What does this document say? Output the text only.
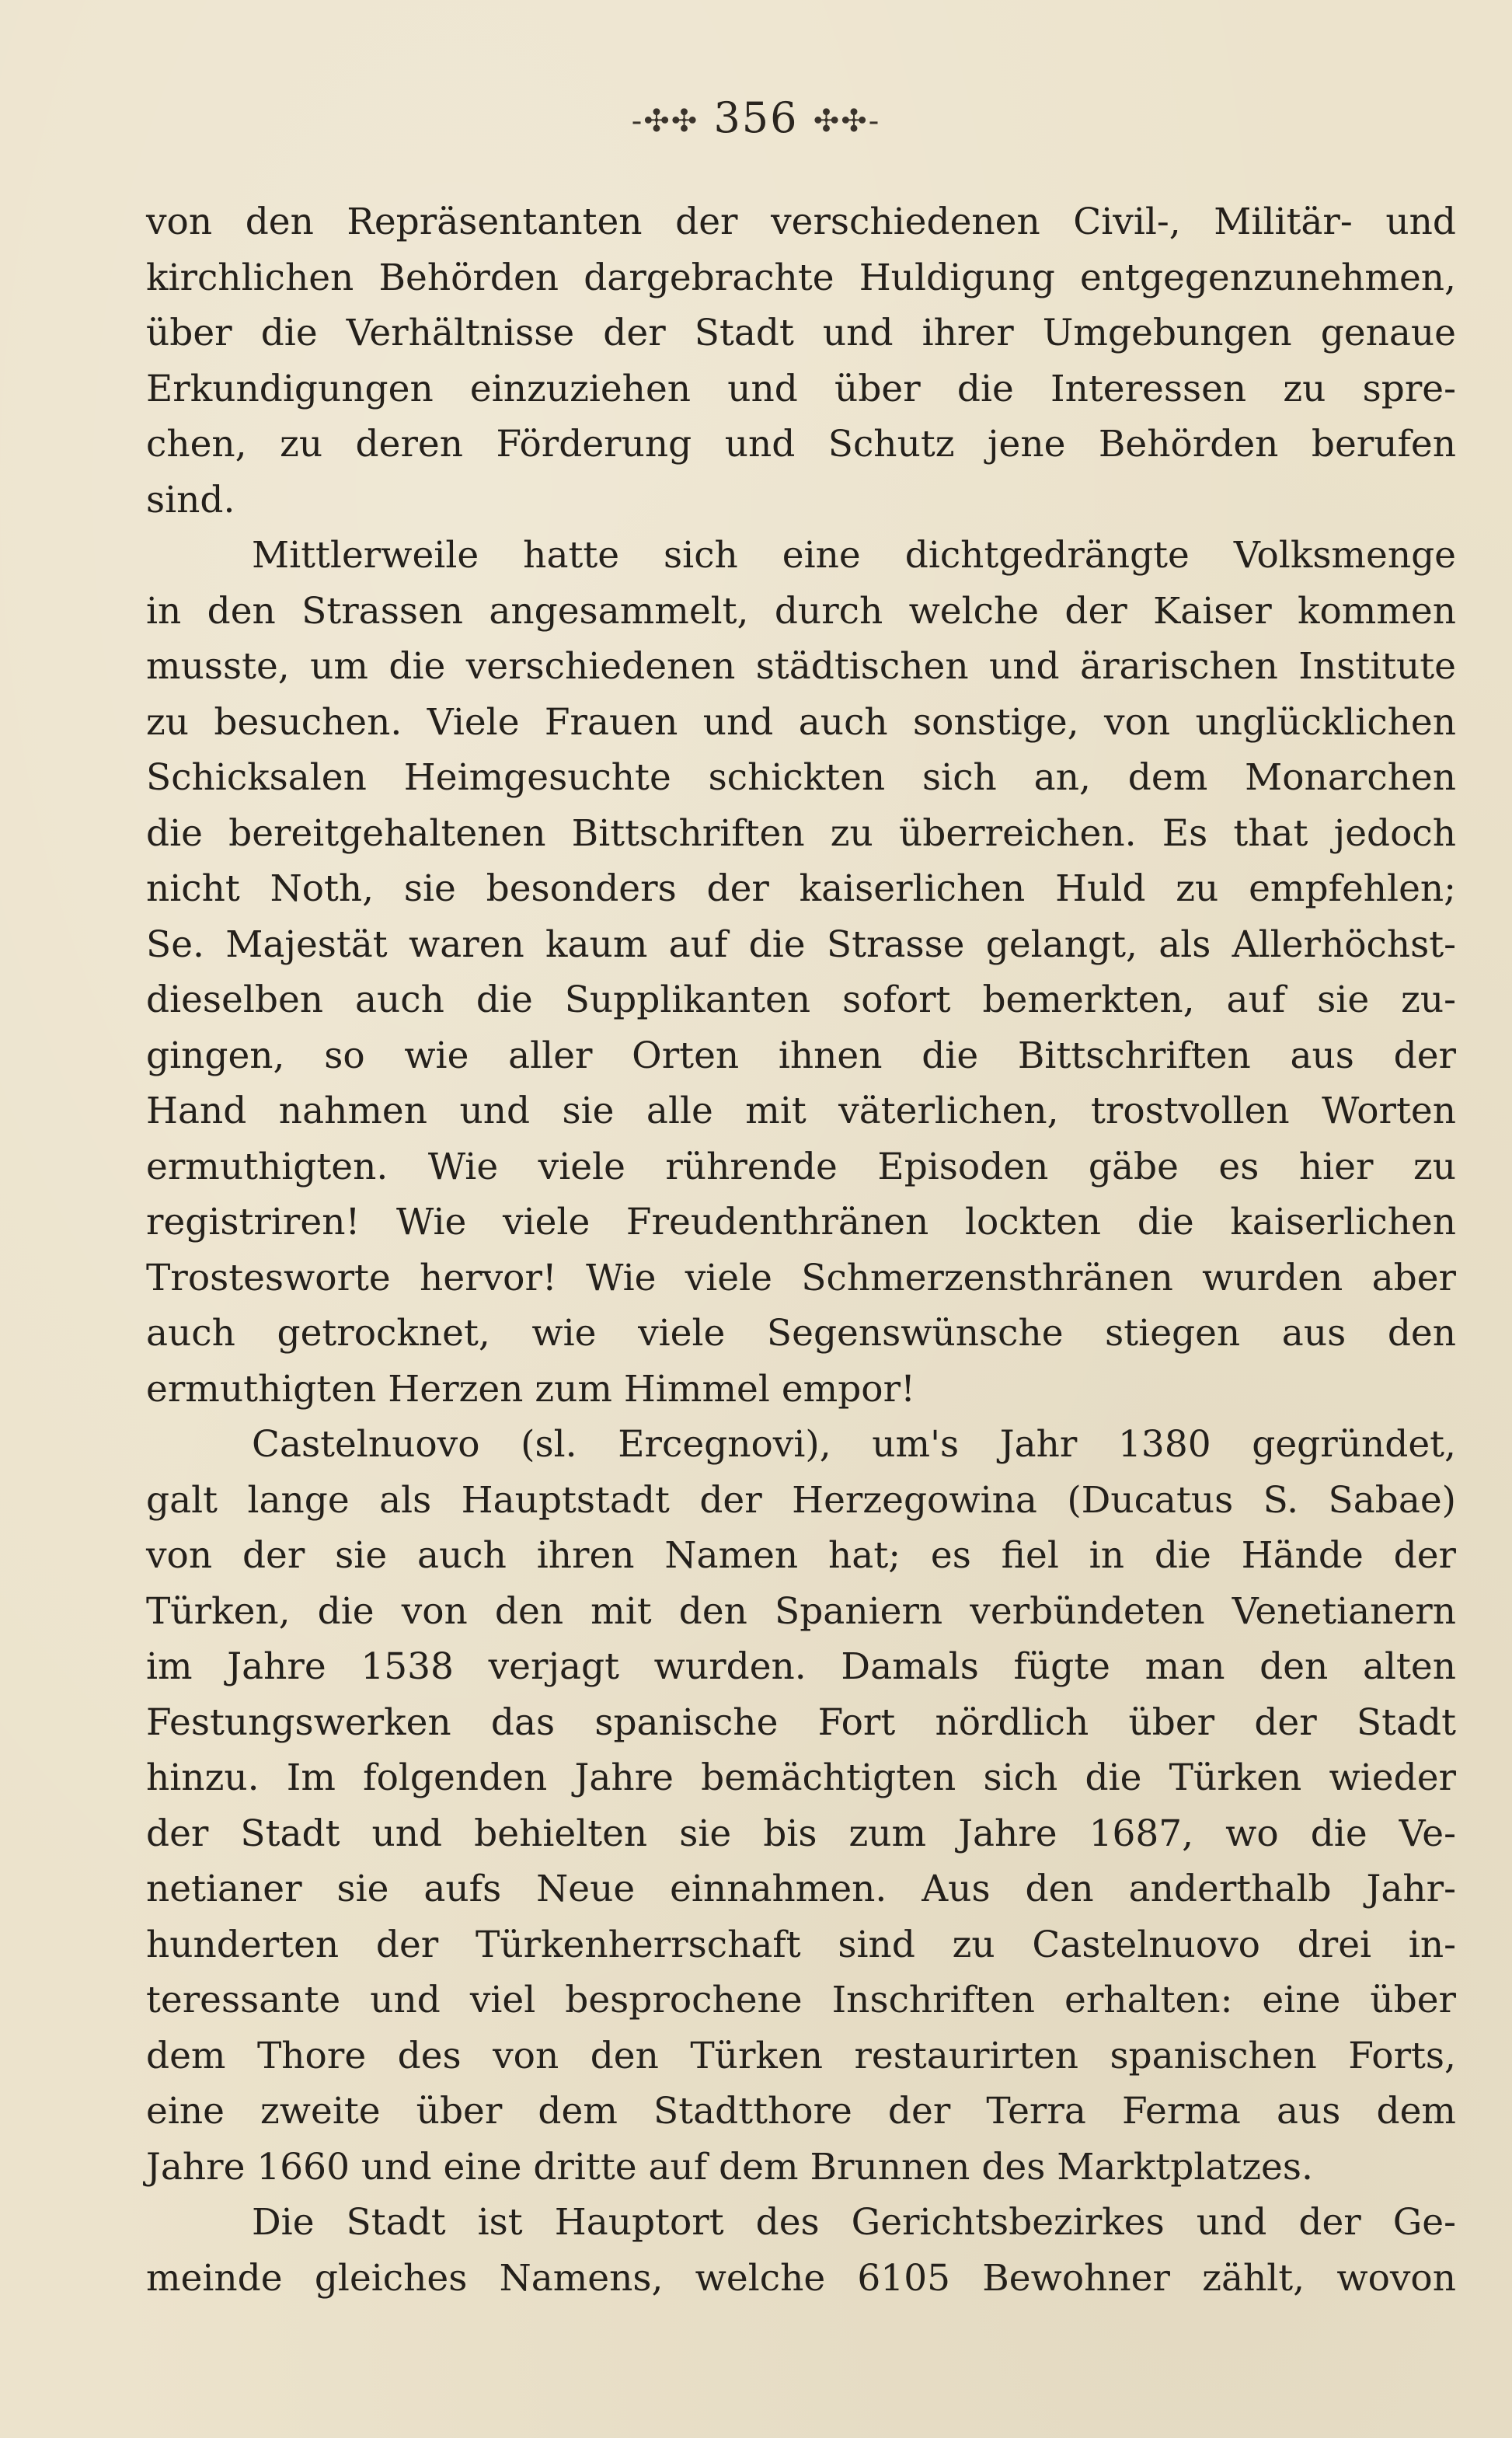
-✣✣ 356 ✣✣-
von den Repräsentanten der verschiedenen Civil-, Militär- und
kirchlichen Behörden dargebrachte Huldigung entgegenzunehmen,
über die Verhältnisse der Stadt und ihrer Umgebungen genaue
Erkundigungen einzuziehen und über die Interessen zu spre-
chen, zu deren Förderung und Schutz jene Behörden berufen
sind.
Mittlerweile hatte sich eine dichtgedrängte Volksmenge
in den Strassen angesammelt, durch welche der Kaiser kommen
musste, um die verschiedenen städtischen und ärarischen Institute
zu besuchen. Viele Frauen und auch sonstige, von unglücklichen
Schicksalen Heimgesuchte schickten sich an, dem Monarchen
die bereitgehaltenen Bittschriften zu überreichen. Es that jedoch
nicht Noth, sie besonders der kaiserlichen Huld zu empfehlen;
Se. Majestät waren kaum auf die Strasse gelangt, als Allerhöchst-
dieselben auch die Supplikanten sofort bemerkten, auf sie zu-
gingen, so wie aller Orten ihnen die Bittschriften aus der
Hand nahmen und sie alle mit väterlichen, trostvollen Worten
ermuthigten. Wie viele rührende Episoden gäbe es hier zu
registriren! Wie viele Freudenthränen lockten die kaiserlichen
Trostesworte hervor! Wie viele Schmerzensthränen wurden aber
auch getrocknet, wie viele Segenswünsche stiegen aus den
ermuthigten Herzen zum Himmel empor!
Castelnuovo (sl. Ercegnovi), um's Jahr 1380 gegründet,
galt lange als Hauptstadt der Herzegowina (Ducatus S. Sabae)
von der sie auch ihren Namen hat; es fiel in die Hände der
Türken, die von den mit den Spaniern verbündeten Venetianern
im Jahre 1538 verjagt wurden. Damals fügte man den alten
Festungswerken das spanische Fort nördlich über der Stadt
hinzu. Im folgenden Jahre bemächtigten sich die Türken wieder
der Stadt und behielten sie bis zum Jahre 1687, wo die Ve-
netianer sie aufs Neue einnahmen. Aus den anderthalb Jahr-
hunderten der Türkenherrschaft sind zu Castelnuovo drei in-
teressante und viel besprochene Inschriften erhalten: eine über
dem Thore des von den Türken restaurirten spanischen Forts,
eine zweite über dem Stadtthore der Terra Ferma aus dem
Jahre 1660 und eine dritte auf dem Brunnen des Marktplatzes.
Die Stadt ist Hauptort des Gerichtsbezirkes und der Ge-
meinde gleiches Namens, welche 6105 Bewohner zählt, wovon
